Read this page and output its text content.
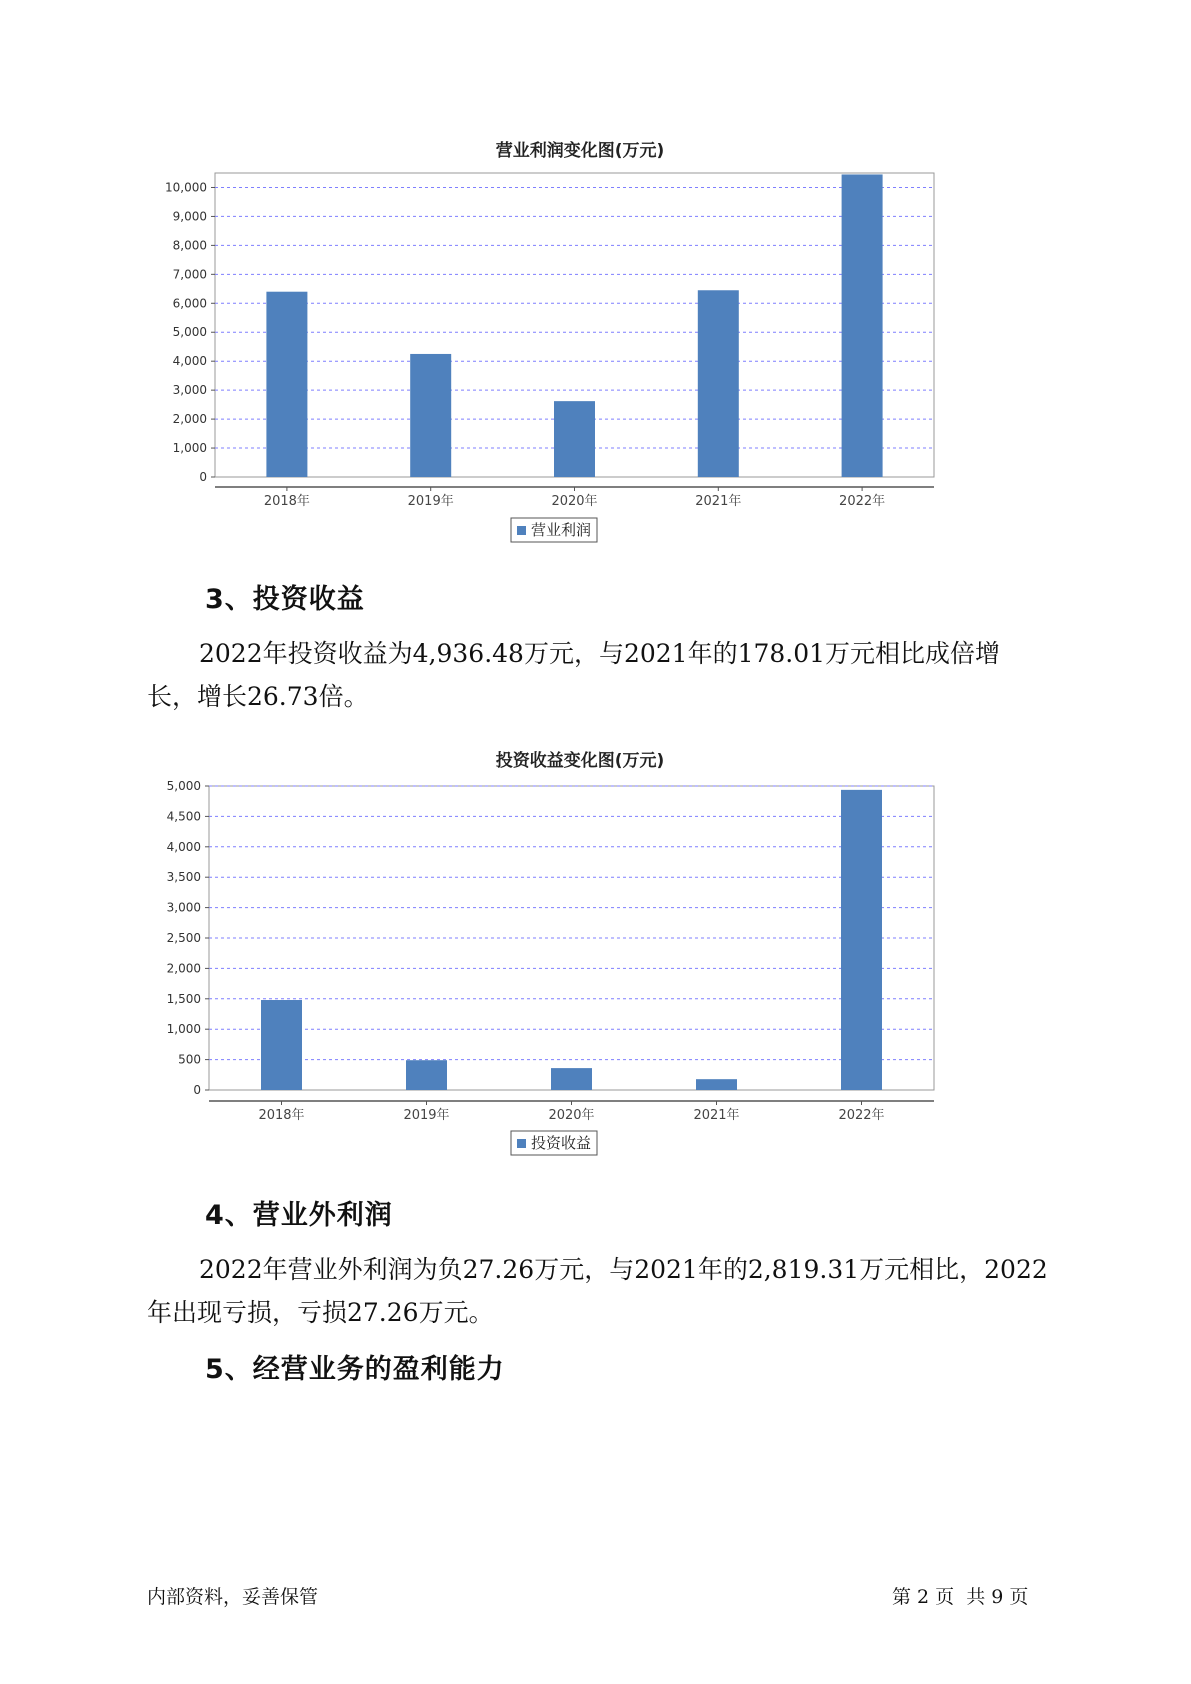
营业利润变化图(万元)
0
1,000
2,000
3,000
4,000
5,000
6,000
7,000
8,000
9,000
10,000
2018年	2019年	2020年	2021年	2022年
营业利润
3、投资收益
2022年投资收益为4,936.48万元，与2021年的178.01万元相比成倍增
长，增长26.73倍。
投资收益变化图(万元)
0
500
1,000
1,500
2,000
2,500
3,000
3,500
4,000
4,500
5,000
2018年	2019年	2020年	2021年	2022年
投资收益
4、营业外利润
2022年营业外利润为负27.26万元，与2021年的2,819.31万元相比，2022
年出现亏损，亏损27.26万元。
5、经营业务的盈利能力
内部资料，妥善保管	第 2 页  共 9 页
